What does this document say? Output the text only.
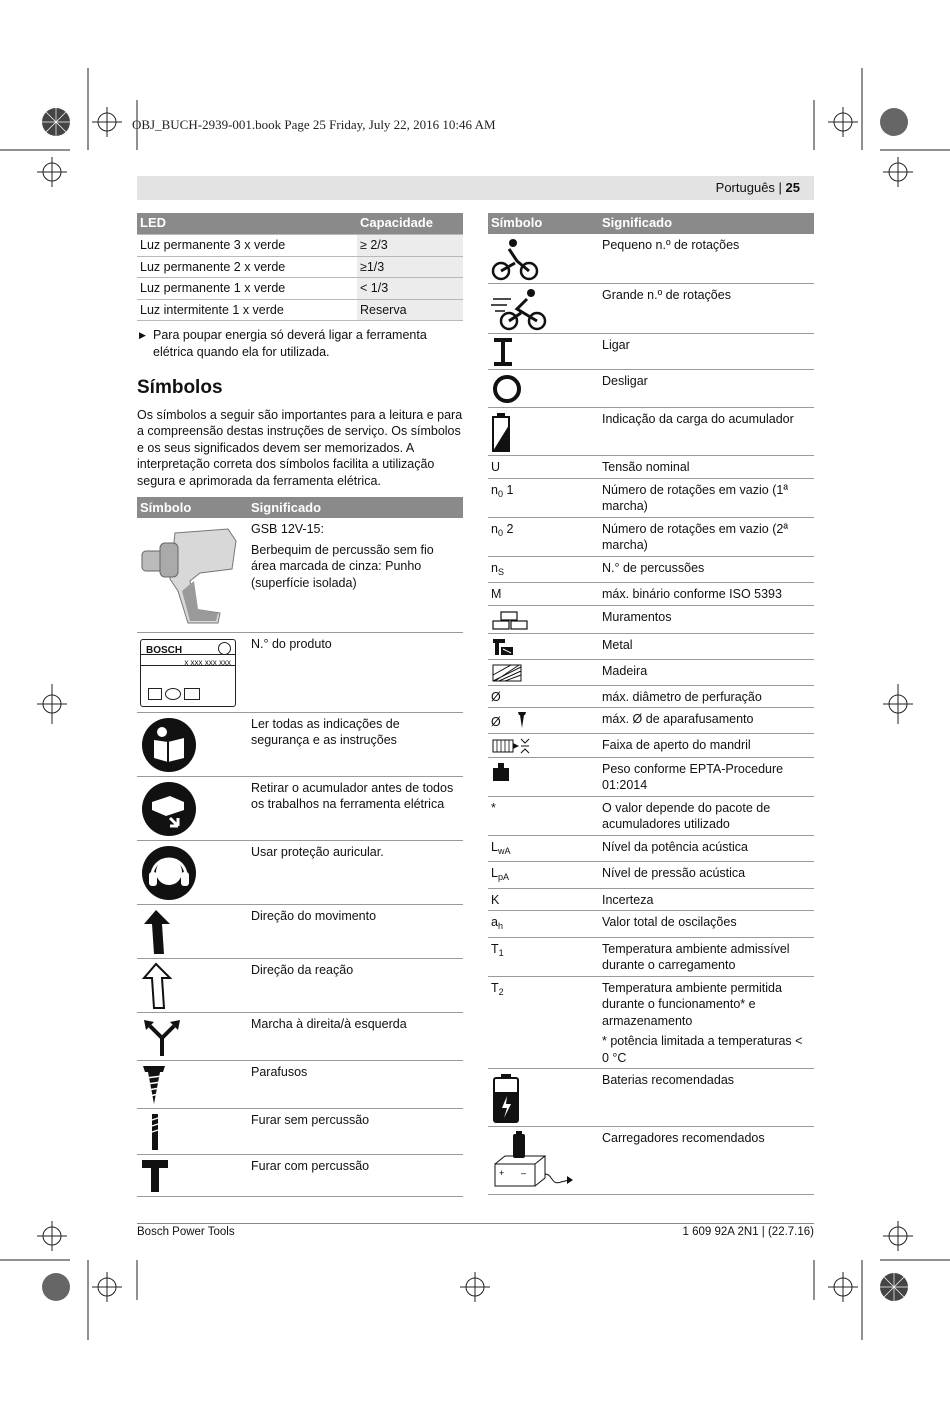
OBJ_BUCH-2939-001.book Page 25 Friday, July 22, 2016 10:46 AM
Português | 25
LED	Capacidade
Luz permanente 3 x verde	≥ 2/3
Luz permanente 2 x verde	≥1/3
Luz permanente 1 x verde	< 1/3
Luz intermitente 1 x verde	Reserva
▶ Para poupar energia só deverá ligar a ferramenta elétrica quando ela for utilizada.
Símbolos
Os símbolos a seguir são importantes para a leitura e para a compreensão destas instruções de serviço. Os símbolos e os seus significados devem ser memorizados. A interpretação correta dos símbolos facilita a utilização segura e aprimorada da ferramenta elétrica.
Símbolo	Significado

GSB 12V-15:
Berbequim de percussão sem fio área marcada de cinza: Punho (superfície isolada)

BOSCH
x xxx xxx xxx	N.° do produto

	Ler todas as indicações de segurança e as instruções

	Retirar o acumulador antes de todos os trabalhos na ferramenta elétrica

	Usar proteção auricular.

	Direção do movimento

	Direção da reação

	Marcha à direita/à esquerda

	Parafusos

	Furar sem percussão

	Furar com percussão
Símbolo	Significado

	Pequeno n.º de rotações

	Grande n.º de rotações

	Ligar

	Desligar

	Indicação da carga do acumulador
U	Tensão nominal
$n_0$ 1	Número de rotações em vazio (1ª marcha)
$n_0$ 2	Número de rotações em vazio (2ª marcha)
$n_S$	N.° de percussões
M	máx. binário conforme ISO 5393

	Muramentos

	Metal

	Madeira
Ø	máx. diâmetro de perfuração
Ø	máx. Ø de aparafusamento

	Faixa de aperto do mandril

	Peso conforme EPTA-Procedure 01:2014
*	O valor depende do pacote de acumuladores utilizado
$L_{wA}$	Nível da potência acústica
$L_{pA}$	Nível de pressão acústica
K	Incerteza
$a_h$	Valor total de oscilações
$T_1$	Temperatura ambiente admissível durante o carregamento
$T_2$	Temperatura ambiente permitida durante o funcionamento* e armazenamento
* potência limitada a temperaturas < 0 °C

	Baterias recomendadas

+ –	Carregadores recomendados
Bosch Power Tools	1 609 92A 2N1 | (22.7.16)
